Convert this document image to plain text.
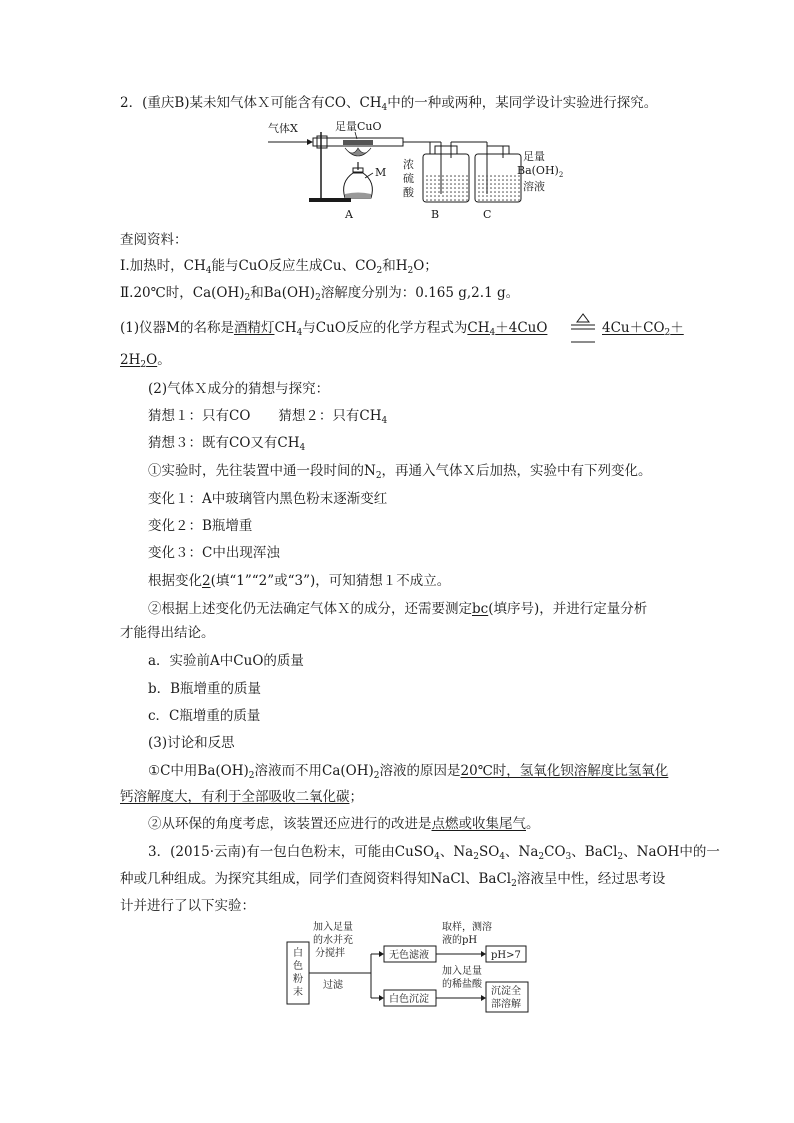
2．(重庆B)某未知气体Ｘ可能含有CO、$CH_4$中的一种或两种，某同学设计实验进行探究。
气体X	足量CuO
M
浓
硫
酸
足量
$Ba(OH)_2$
溶液
A	B	C
查阅资料：
Ⅰ.加热时，$CH_4$能与CuO反应生成Cu、$CO_2$和$H_2O$；
Ⅱ.20℃时，$Ca(OH)_2$和$Ba(OH)_2$溶解度分别为：0.165 g,2.1 g。
(1)仪器M的名称是酒精灯$CH_4$与CuO反应的化学方程式为$CH_4+4CuO$	$4Cu+CO_2+$
$2H_2O$。
(2)气体Ｘ成分的猜想与探究：
猜想１：只有CO 猜想２：只有$CH_4$
猜想３：既有CO又有$CH_4$
①实验时，先往装置中通一段时间的$N_2$，再通入气体Ｘ后加热，实验中有下列变化。
变化１：A中玻璃管内黑色粉末逐渐变红
变化２：B瓶增重
变化３：C中出现浑浊
根据变化2(填“1”“2”或“3”)，可知猜想１不成立。
②根据上述变化仍无法确定气体Ｘ的成分，还需要测定bc(填序号)，并进行定量分析
才能得出结论。
a．实验前A中CuO的质量
b．B瓶增重的质量
c．C瓶增重的质量
(3)讨论和反思
①C中用$Ba(OH)_2$溶液而不用$Ca(OH)_2$溶液的原因是20℃时，氢氧化钡溶解度比氢氧化
钙溶解度大，有利于全部吸收二氧化碳；
②从环保的角度考虑，该装置还应进行的改进是点燃或收集尾气。
3．(2015·云南)有一包白色粉末，可能由CuSO$_4$、$Na_2SO_4$、$Na_2CO_3$、BaCl$_2$、NaOH中的一
种或几种组成。为探究其组成，同学们查阅资料得知NaCl、BaCl$_2$溶液呈中性，经过思考设
计并进行了以下实验：
白
色
粉
末
加入足量
的水并充
分搅拌
过滤
无色滤液
取样，测溶
液的pH
pH>7
白色沉淀
加入足量
的稀盐酸
沉淀全
部溶解
